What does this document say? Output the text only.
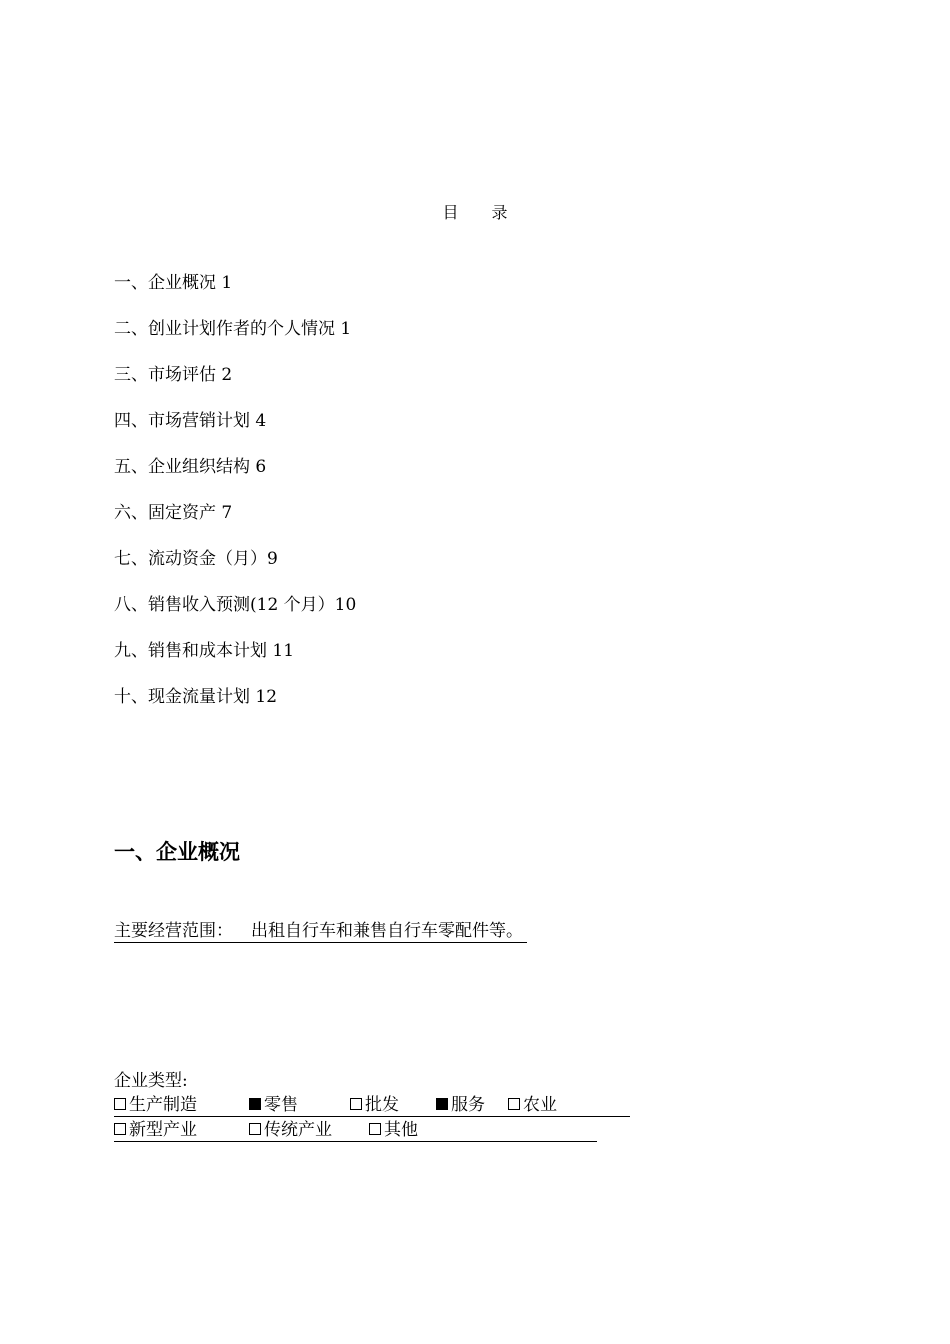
目 录
一、企业概况 1
二、创业计划作者的个人情况 1
三、市场评估 2
四、市场营销计划 4
五、企业组织结构 6
六、固定资产 7
七、流动资金（月）9
八、销售收入预测(12 个月）10
九、销售和成本计划 11
十、现金流量计划 12
一、企业概况
主要经营范围： 出租自行车和兼售自行车零配件等。
企业类型:
生产制造	零售	批发	服务 农业
新型产业	传统产业	其他
